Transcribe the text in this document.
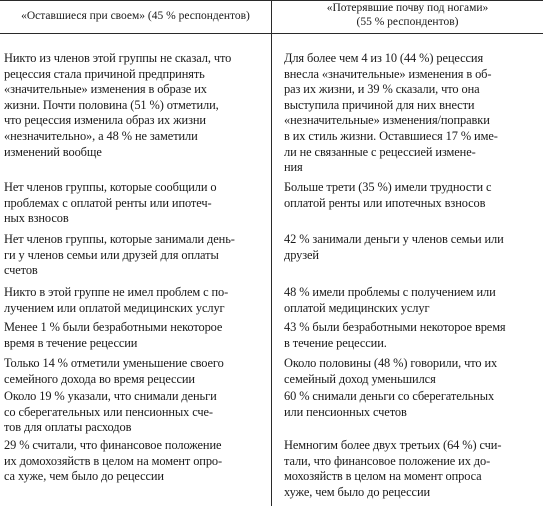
«Оставшиеся при своем» (45 % респондентов)
«Потерявшие почву под ногами»
(55 % респондентов)
Никто из членов этой группы не сказал, что
рецессия стала причиной предпринять
«значительные» изменения в образе их
жизни. Почти половина (51 %) отметили,
что рецессия изменила образ их жизни
«незначительно», а 48 % не заметили
изменений вообще
Для более чем 4 из 10 (44 %) рецессия
внесла «значительные» изменения в об-
раз их жизни, и 39 % сказали, что она
выступила причиной для них внести
«незначительные» изменения/поправки
в их стиль жизни. Оставшиеся 17 % име-
ли не связанные с рецессией измене-
ния
Нет членов группы, которые сообщили о
проблемах с оплатой ренты или ипотеч-
ных взносов
Больше трети (35 %) имели трудности с
оплатой ренты или ипотечных взносов
Нет членов группы, которые занимали день-
ги у членов семьи или друзей для оплаты
счетов
42 % занимали деньги у членов семьи или
друзей
Никто в этой группе не имел проблем с по-
лучением или оплатой медицинских услуг
48 % имели проблемы с получением или
оплатой медицинских услуг
Менее 1 % были безработными некоторое
время в течение рецессии
43 % были безработными некоторое время
в течение рецессии.
Только 14 % отметили уменьшение своего
семейного дохода во время рецессии
Около половины (48 %) говорили, что их
семейный доход уменьшился
Около 19 % указали, что снимали деньги
со сберегательных или пенсионных сче-
тов для оплаты расходов
60 % снимали деньги со сберегательных
или пенсионных счетов
29 % считали, что финансовое положение
их домохозяйств в целом на момент опро-
са хуже, чем было до рецессии
Немногим более двух третьих (64 %) счи-
тали, что финансовое положение их до-
мохозяйств в целом на момент опроса
хуже, чем было до рецессии
